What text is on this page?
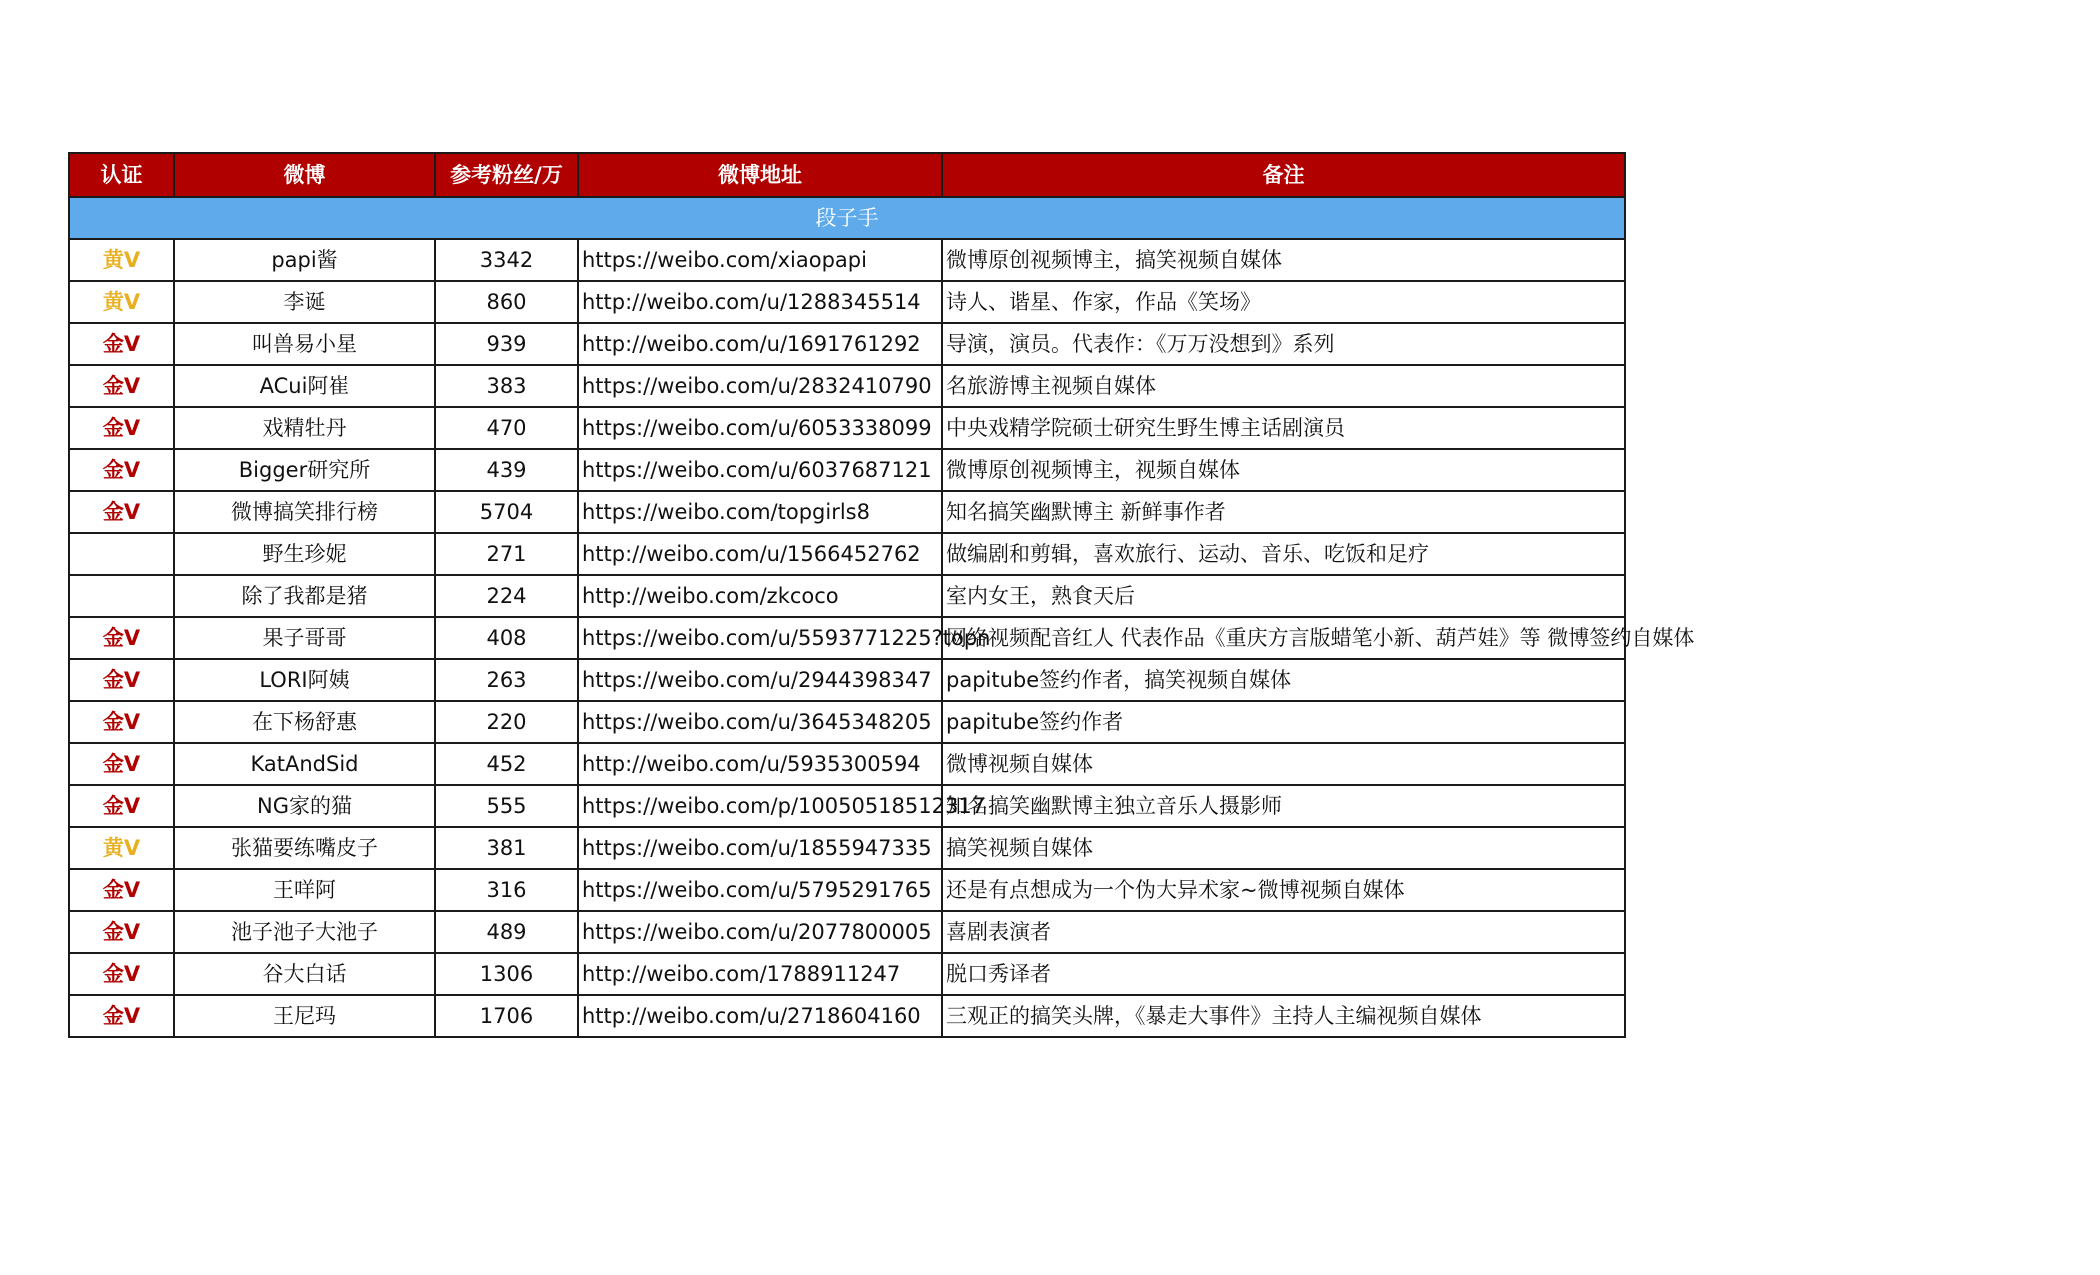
认证	微博	参考粉丝/万	微博地址	备注
段子手				
黄V	papi酱	3342	https://weibo.com/xiaopapi	微博原创视频博主，搞笑视频自媒体
黄V	李诞	860	http://weibo.com/u/1288345514	诗人、谐星、作家，作品《笑场》
金V	叫兽易小星	939	http://weibo.com/u/1691761292	导演，演员。代表作：《万万没想到》系列
金V	ACui阿崔	383	https://weibo.com/u/2832410790	名旅游博主视频自媒体
金V	戏精牡丹	470	https://weibo.com/u/6053338099	中央戏精学院硕士研究生野生博主话剧演员
金V	Bigger研究所	439	https://weibo.com/u/6037687121	微博原创视频博主，视频自媒体
金V	微博搞笑排行榜	5704	https://weibo.com/topgirls8	知名搞笑幽默博主 新鲜事作者
	野生珍妮	271	http://weibo.com/u/1566452762	做编剧和剪辑，喜欢旅行、运动、音乐、吃饭和足疗
	除了我都是猪	224	http://weibo.com/zkcoco	室内女王，熟食天后
金V	果子哥哥	408	https://weibo.com/u/5593771225?topn	网络视频配音红人 代表作品《重庆方言版蜡笔小新、葫芦娃》等 微博签约自媒体
金V	LORI阿姨	263	https://weibo.com/u/2944398347	papitube签约作者，搞笑视频自媒体
金V	在下杨舒惠	220	https://weibo.com/u/3645348205	papitube签约作者
金V	KatAndSid	452	http://weibo.com/u/5935300594	微博视频自媒体
金V	NG家的猫	555	https://weibo.com/p/10050518512317	知名搞笑幽默博主独立音乐人摄影师
黄V	张猫要练嘴皮子	381	https://weibo.com/u/1855947335	搞笑视频自媒体
金V	王咩阿	316	https://weibo.com/u/5795291765	还是有点想成为一个伪大异术家~微博视频自媒体
金V	池子池子大池子	489	https://weibo.com/u/2077800005	喜剧表演者
金V	谷大白话	1306	http://weibo.com/1788911247	脱口秀译者
金V	王尼玛	1706	http://weibo.com/u/2718604160	三观正的搞笑头牌，《暴走大事件》主持人主编视频自媒体
